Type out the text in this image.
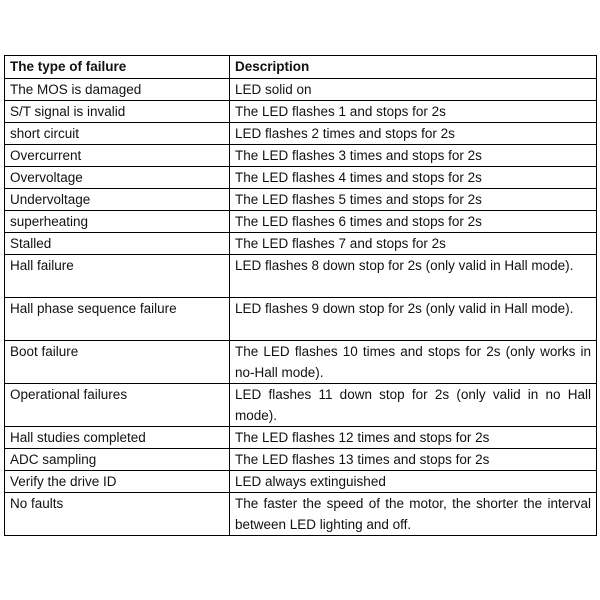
The type of failure	Description
The MOS is damaged	LED solid on
S/T signal is invalid	The LED flashes 1 and stops for 2s
short circuit	LED flashes 2 times and stops for 2s
Overcurrent	The LED flashes 3 times and stops for 2s
Overvoltage	The LED flashes 4 times and stops for 2s
Undervoltage	The LED flashes 5 times and stops for 2s
superheating	The LED flashes 6 times and stops for 2s
Stalled	The LED flashes 7 and stops for 2s
Hall failure	LED flashes 8 down stop for 2s (only valid in Hall mode).
Hall phase sequence failure	LED flashes 9 down stop for 2s (only valid in Hall mode).
Boot failure	The LED flashes 10 times and stops for 2s (only works in no-Hall mode).
Operational failures	LED flashes 11 down stop for 2s (only valid in no Hall mode).
Hall studies completed	The LED flashes 12 times and stops for 2s
ADC sampling	The LED flashes 13 times and stops for 2s
Verify the drive ID	LED always extinguished
No faults	The faster the speed of the motor, the shorter the interval between LED lighting and off.
